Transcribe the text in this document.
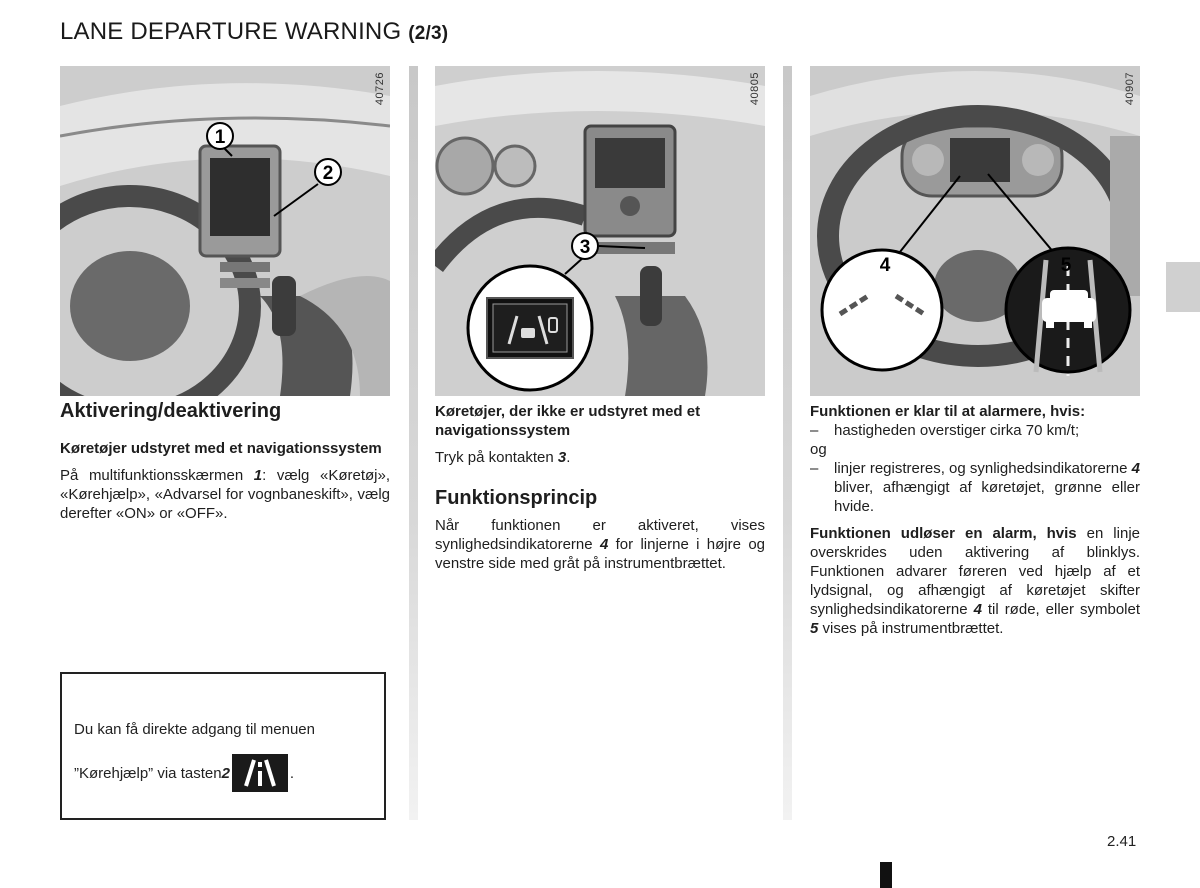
LANE DEPARTURE WARNING (2/3)
1
2
40726
3
40805
4	5
40907
Aktivering/deaktivering
Køretøjer udstyret med et navigationssystem
På multifunktionsskærmen 1: vælg «Køretøj», «Kørehjælp», «Advarsel for vognbaneskift», vælg derefter «ON» or «OFF».
Du kan få direkte adgang til menuen
”Kørehjælp” via tasten 2	.
Køretøjer, der ikke er udstyret med et navigationssystem
Tryk på kontakten 3.
Funktionsprincip
Når funktionen er aktiveret, vises synlighedsindikatorerne 4 for linjerne i højre og venstre side med gråt på instrumentbrættet.
Funktionen er klar til at alarmere, hvis:
–	hastigheden overstiger cirka 70 km/t;
og
–	linjer registreres, og synlighedsindikatorerne 4 bliver, afhængigt af køretøjet, grønne eller hvide.
Funktionen udløser en alarm, hvis en linje overskrides uden aktivering af blinklys. Funktionen advarer føreren ved hjælp af et lydsignal, og afhængigt af køretøjet skifter synlighedsindikatorerne 4 til røde, eller symbolet 5 vises på instrumentbrættet.
2.41
